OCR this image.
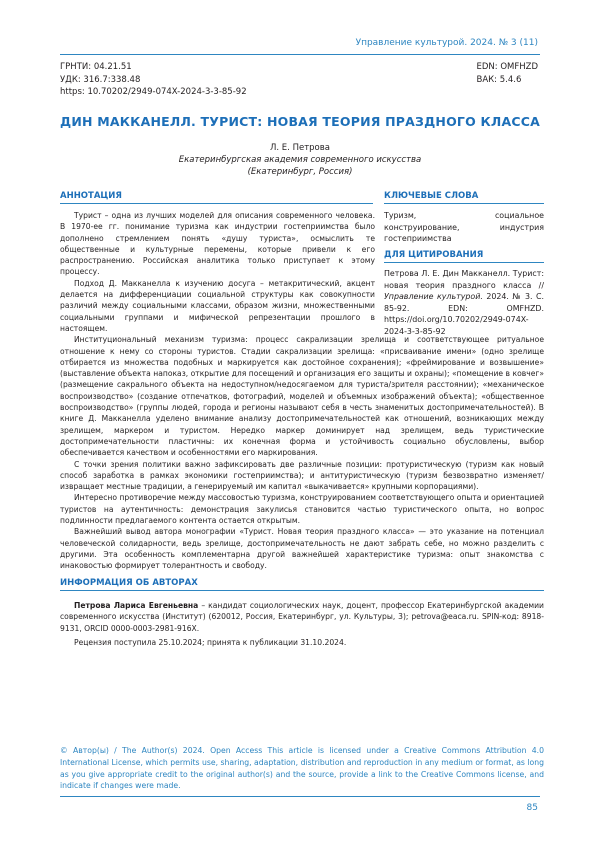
Управление культурой. 2024. № 3 (11)
ГРНТИ: 04.21.51
УДК: 316.7:338.48
https: 10.70202/2949-074X-2024-3-3-85-92
EDN: OMFHZD
ВАК: 5.4.6
ДИН МАККАНЕЛЛ. ТУРИСТ: НОВАЯ ТЕОРИЯ ПРАЗДНОГО КЛАССА
Л. Е. Петрова
Екатеринбургская академия современного искусства
(Екатеринбург, Россия)
АННОТАЦИЯ	КЛЮЧЕВЫЕ СЛОВА
Туризм, социальное конструирование, индустрия гостеприимства
ДЛЯ ЦИТИРОВАНИЯ
Петрова Л. Е. Дин Макканелл. Турист: новая теория праздного класса // Управление культурой. 2024. № 3. С. 85-92. EDN: OMFHZD. https://doi.org/10.70202/2949-074X-2024-3-3-85-92

Турист – одна из лучших моделей для описания современного человека. В 1970-ее гг. понимание туризма как индустрии гостеприимства было дополнено стремлением понять «душу туриста», осмыслить те общественные и культурные перемены, которые привели к его распространению. Российская аналитика только приступает к этому процессу.

Подход Д. Макканелла к изучению досуга – метакритический, акцент делается на дифференциации социальной структуры как совокупности различий между социальными классами, образом жизни, множественными социальными группами и мифической репрезентации прошлого в настоящем.

Институциональный механизм туризма: процесс сакрализации зрелища и соответствующее ритуальное отношение к нему со стороны туристов. Стадии сакрализации зрелища: «присваивание имени» (одно зрелище отбирается из множества подобных и маркируется как достойное сохранения); «фреймирование и возвышение» (выставление объекта напоказ, открытие для посещений и организация его защиты и охраны); «помещение в ковчег» (размещение сакрального объекта на недоступном/недосягаемом для туриста/зрителя расстоянии); «механическое воспроизводство» (создание отпечатков, фотографий, моделей и объемных изображений объекта); «общественное воспроизводство» (группы людей, города и регионы называют себя в честь знаменитых достопримечательностей). В книге Д. Макканелла уделено внимание анализу достопримечательностей как отношений, возникающих между зрелищем, маркером и туристом. Нередко маркер доминирует над зрелищем, ведь туристические достопримечательности пластичны: их конечная форма и устойчивость социально обусловлены, выбор обеспечивается качеством и особенностями его маркирования.

С точки зрения политики важно зафиксировать две различные позиции: протуристическую (туризм как новый способ заработка в рамках экономики гостеприимства); и антитуристическую (туризм безвозвратно изменяет/извращает местные традиции, а генерируемый им капитал «выкачивается» крупными корпорациями).

Интересно противоречие между массовостью туризма, конструированием соответствующего опыта и ориентацией туристов на аутентичность: демонстрация закулисья становится частью туристического опыта, но вопрос подлинности предлагаемого контента остается открытым.

Важнейший вывод автора монографии «Турист. Новая теория праздного класса» — это указание на потенциал человеческой солидарности, ведь зрелище, достопримечательность не дают забрать себе, но можно разделить с другими. Эта особенность комплементарна другой важнейшей характеристике туризма: опыт знакомства с инаковостью формирует толерантность и свободу.

ИНФОРМАЦИЯ ОБ АВТОРАХ

Петрова Лариса Евгеньевна – кандидат социологических наук, доцент, профессор Екатеринбургской академии современного искусства (Институт) (620012, Россия, Екатеринбург, ул. Культуры, 3); petrova@eaca.ru. SPIN-код: 8918-9131, ORCID 0000-0003-2981-916X.

Рецензия поступила 25.10.2024; принята к публикации 31.10.2024.

© Автор(ы) / The Author(s) 2024. Open Access This article is licensed under a Creative Commons Attribution 4.0 International License, which permits use, sharing, adaptation, distribution and reproduction in any medium or format, as long as you give appropriate credit to the original author(s) and the source, provide a link to the Creative Commons license, and indicate if changes were made.
85
